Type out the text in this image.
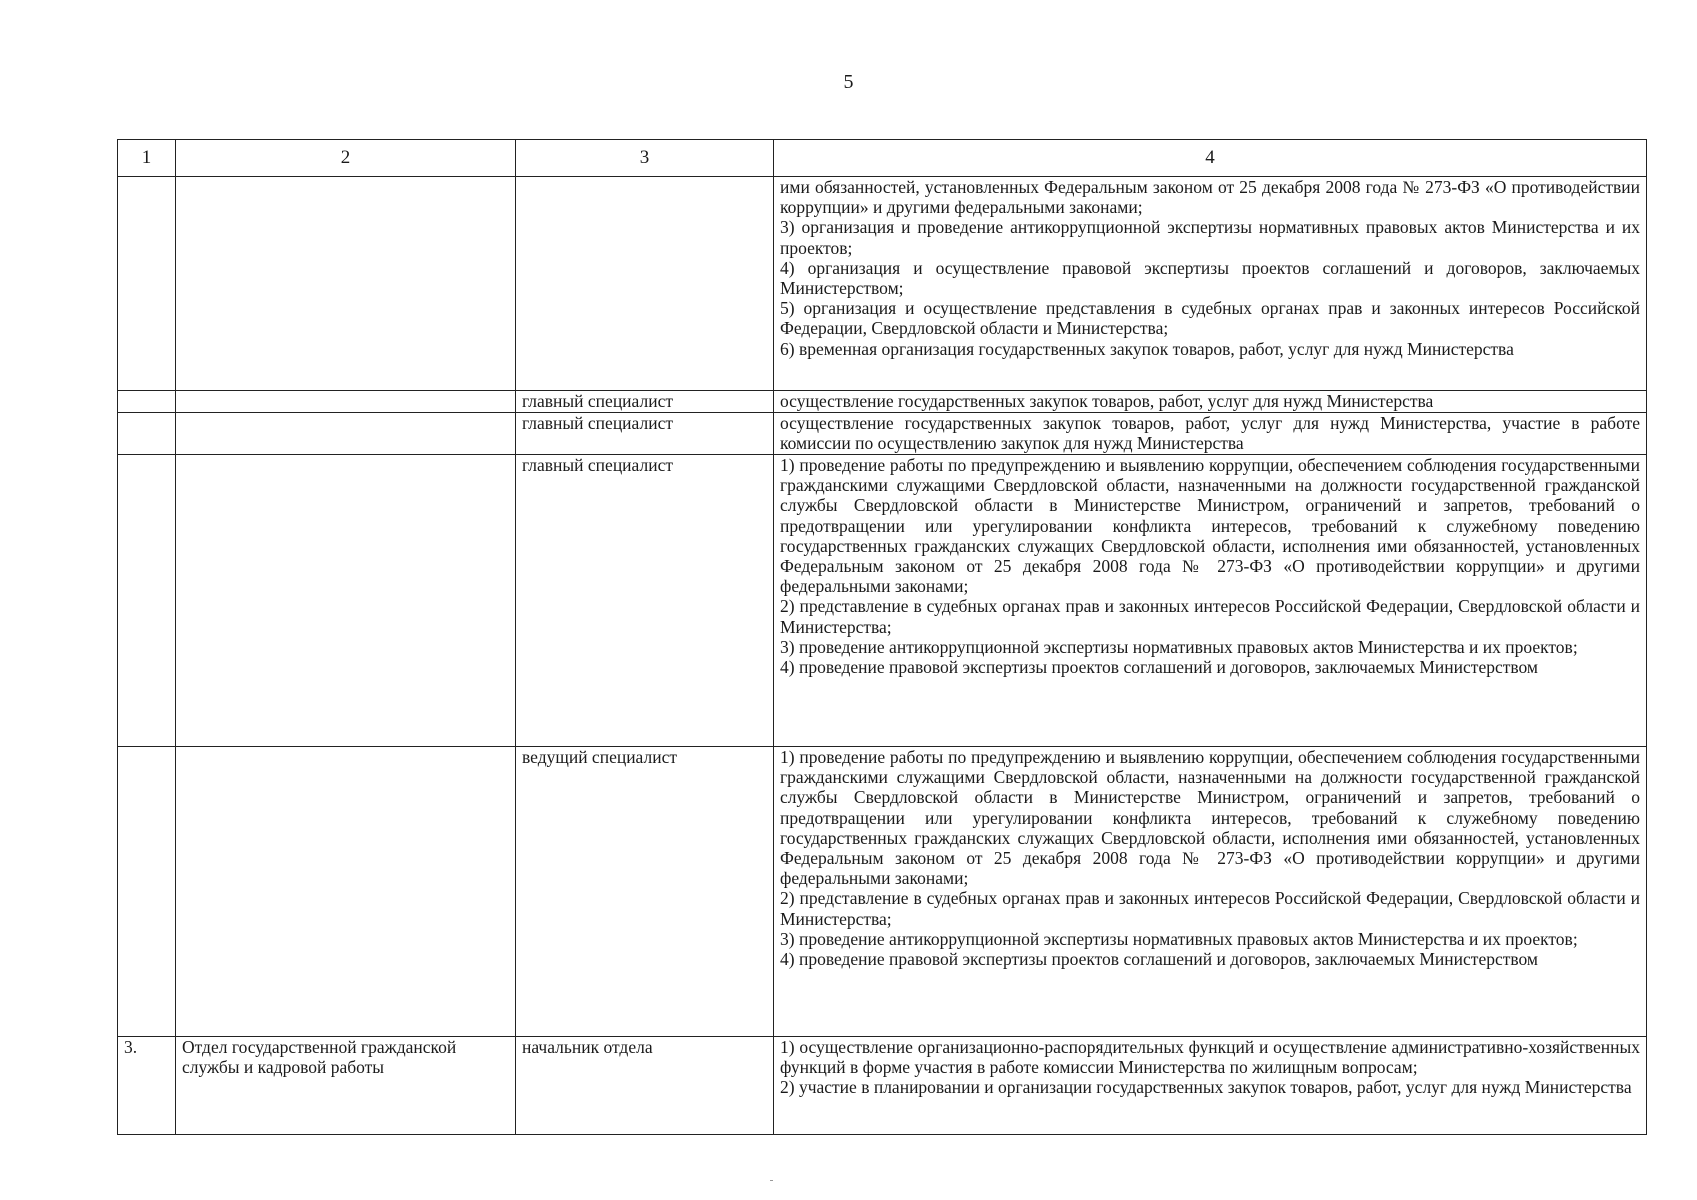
5
1	2	3	4

			ими обязанностей, установленных Федеральным законом от 25 декабря 2008 года № 273-ФЗ «О противодействии коррупции» и другими федеральными законами;
3) организация и проведение антикоррупционной экспертизы нормативных правовых актов Министерства и их проектов;
4) организация и осуществление правовой экспертизы проектов соглашений и договоров, заключаемых Министерством;
5) организация и осуществление представления в судебных органах прав и законных интересов Российской Федерации, Свердловской области и Министерства;
6) временная организация государственных закупок товаров, работ, услуг для нужд Министерства

		главный специалист	осуществление государственных закупок товаров, работ, услуг для нужд Министерства

		главный специалист	осуществление государственных закупок товаров, работ, услуг для нужд Министерства, участие в работе комиссии по осуществлению закупок для нужд Министерства

		главный специалист	1) проведение работы по предупреждению и выявлению коррупции, обеспечением соблюдения государственными гражданскими служащими Свердловской области, назначенными на должности государственной гражданской службы Свердловской области в Министерстве Министром, ограничений и запретов, требований о предотвращении или урегулировании конфликта интересов, требований к служебному поведению государственных гражданских служащих Свердловской области, исполнения ими обязанностей, установленных Федеральным законом от 25 декабря 2008 года № 273-ФЗ «О противодействии коррупции» и другими федеральными законами;
2) представление в судебных органах прав и законных интересов Российской Федерации, Свердловской области и Министерства;
3) проведение антикоррупционной экспертизы нормативных правовых актов Министерства и их проектов;
4) проведение правовой экспертизы проектов соглашений и договоров, заключаемых Министерством

		ведущий специалист	1) проведение работы по предупреждению и выявлению коррупции, обеспечением соблюдения государственными гражданскими служащими Свердловской области, назначенными на должности государственной гражданской службы Свердловской области в Министерстве Министром, ограничений и запретов, требований о предотвращении или урегулировании конфликта интересов, требований к служебному поведению государственных гражданских служащих Свердловской области, исполнения ими обязанностей, установленных Федеральным законом от 25 декабря 2008 года № 273-ФЗ «О противодействии коррупции» и другими федеральными законами;
2) представление в судебных органах прав и законных интересов Российской Федерации, Свердловской области и Министерства;
3) проведение антикоррупционной экспертизы нормативных правовых актов Министерства и их проектов;
4) проведение правовой экспертизы проектов соглашений и договоров, заключаемых Министерством

3.	Отдел государственной гражданской службы и кадровой работы	начальник отдела	1) осуществление организационно-распорядительных функций и осуществление административно-хозяйственных функций в форме участия в работе комиссии Министерства по жилищным вопросам;
2) участие в планировании и организации государственных закупок товаров, работ, услуг для нужд Министерства
